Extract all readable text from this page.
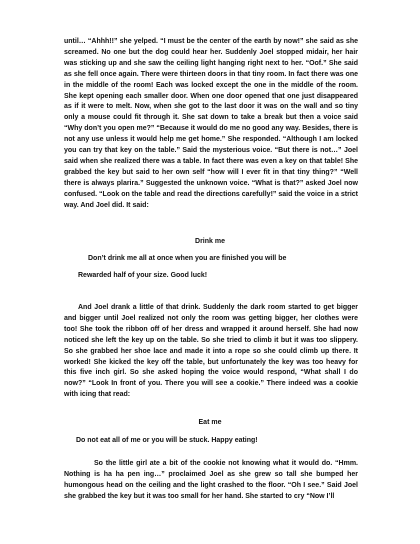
until… “Ahhh!!” she yelped. “I must be the center of the earth by now!” she said as she screamed. No one but the dog could hear her. Suddenly Joel stopped midair, her hair was sticking up and she saw the ceiling light hanging right next to her. “Oof.” She said as she fell once again. There were thirteen doors in that tiny room. In fact there was one in the middle of the room! Each was locked except the one in the middle of the room. She kept opening each smaller door. When one door opened that one just disappeared as if it were to melt. Now, when she got to the last door it was on the wall and so tiny only a mouse could fit through it. She sat down to take a break but then a voice said “Why don’t you open me?” “Because it would do me no good any way. Besides, there is not any use unless it would help me get home.” She responded. “Although I am locked you can try that key on the table.” Said the mysterious voice. “But there is not…” Joel said when she realized there was a table. In fact there was even a key on that table! She grabbed the key but said to her own self “how will I ever fit in that tiny thing?” “Well there is always plarira.” Suggested the unknown voice. “What is that?” asked Joel now confused. “Look on the table and read the directions carefully!” said the voice in a strict way. And Joel did. It said:

Drink me

Don’t drink me all at once when you are finished you will be

Rewarded half of your size. Good luck!

And Joel drank a little of that drink. Suddenly the dark room started to get bigger and bigger until Joel realized not only the room was getting bigger, her clothes were too! She took the ribbon off of her dress and wrapped it around herself. She had now noticed she left the key up on the table. So she tried to climb it but it was too slippery. So she grabbed her shoe lace and made it into a rope so she could climb up there. It worked! She kicked the key off the table, but unfortunately the key was too heavy for this five inch girl. So she asked hoping the voice would respond, “What shall I do now?” “Look In front of you. There you will see a cookie.” There indeed was a cookie with icing that read:

Eat me

Do not eat all of me or you will be stuck. Happy eating!

So the little girl ate a bit of the cookie not knowing what it would do. “Hmm. Nothing is ha ha pen ing…” proclaimed Joel as she grew so tall she bumped her humongous head on the ceiling and the light crashed to the floor. “Oh I see.” Said Joel she grabbed the key but it was too small for her hand. She started to cry “Now I’ll
